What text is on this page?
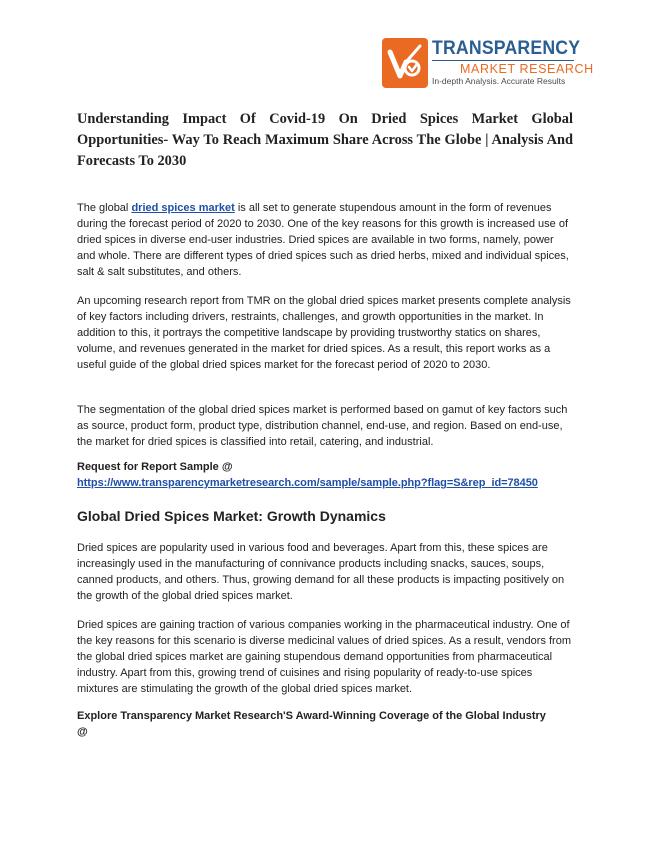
TRANSPARENCY
MARKET RESEARCH
In-depth Analysis. Accurate Results
Understanding Impact Of Covid-19 On Dried Spices Market Global Opportunities- Way To Reach Maximum Share Across The Globe | Analysis And Forecasts To 2030

The global dried spices market is all set to generate stupendous amount in the form of revenues during the forecast period of 2020 to 2030. One of the key reasons for this growth is increased use of dried spices in diverse end-user industries. Dried spices are available in two forms, namely, power and whole. There are different types of dried spices such as dried herbs, mixed and individual spices, salt & salt substitutes, and others.

An upcoming research report from TMR on the global dried spices market presents complete analysis of key factors including drivers, restraints, challenges, and growth opportunities in the market. In addition to this, it portrays the competitive landscape by providing trustworthy statics on shares, volume, and revenues generated in the market for dried spices. As a result, this report works as a useful guide of the global dried spices market for the forecast period of 2020 to 2030.

The segmentation of the global dried spices market is performed based on gamut of key factors such as source, product form, product type, distribution channel, end-use, and region. Based on end-use, the market for dried spices is classified into retail, catering, and industrial.

Request for Report Sample @

https://www.transparencymarketresearch.com/sample/sample.php?flag=S&rep_id=78450
Global Dried Spices Market: Growth Dynamics

Dried spices are popularity used in various food and beverages. Apart from this, these spices are increasingly used in the manufacturing of connivance products including snacks, sauces, soups, canned products, and others. Thus, growing demand for all these products is impacting positively on the growth of the global dried spices market.

Dried spices are gaining traction of various companies working in the pharmaceutical industry. One of the key reasons for this scenario is diverse medicinal values of dried spices. As a result, vendors from the global dried spices market are gaining stupendous demand opportunities from pharmaceutical industry. Apart from this, growing trend of cuisines and rising popularity of ready-to-use spices mixtures are stimulating the growth of the global dried spices market.

Explore Transparency Market Research'S Award-Winning Coverage of the Global Industry @
